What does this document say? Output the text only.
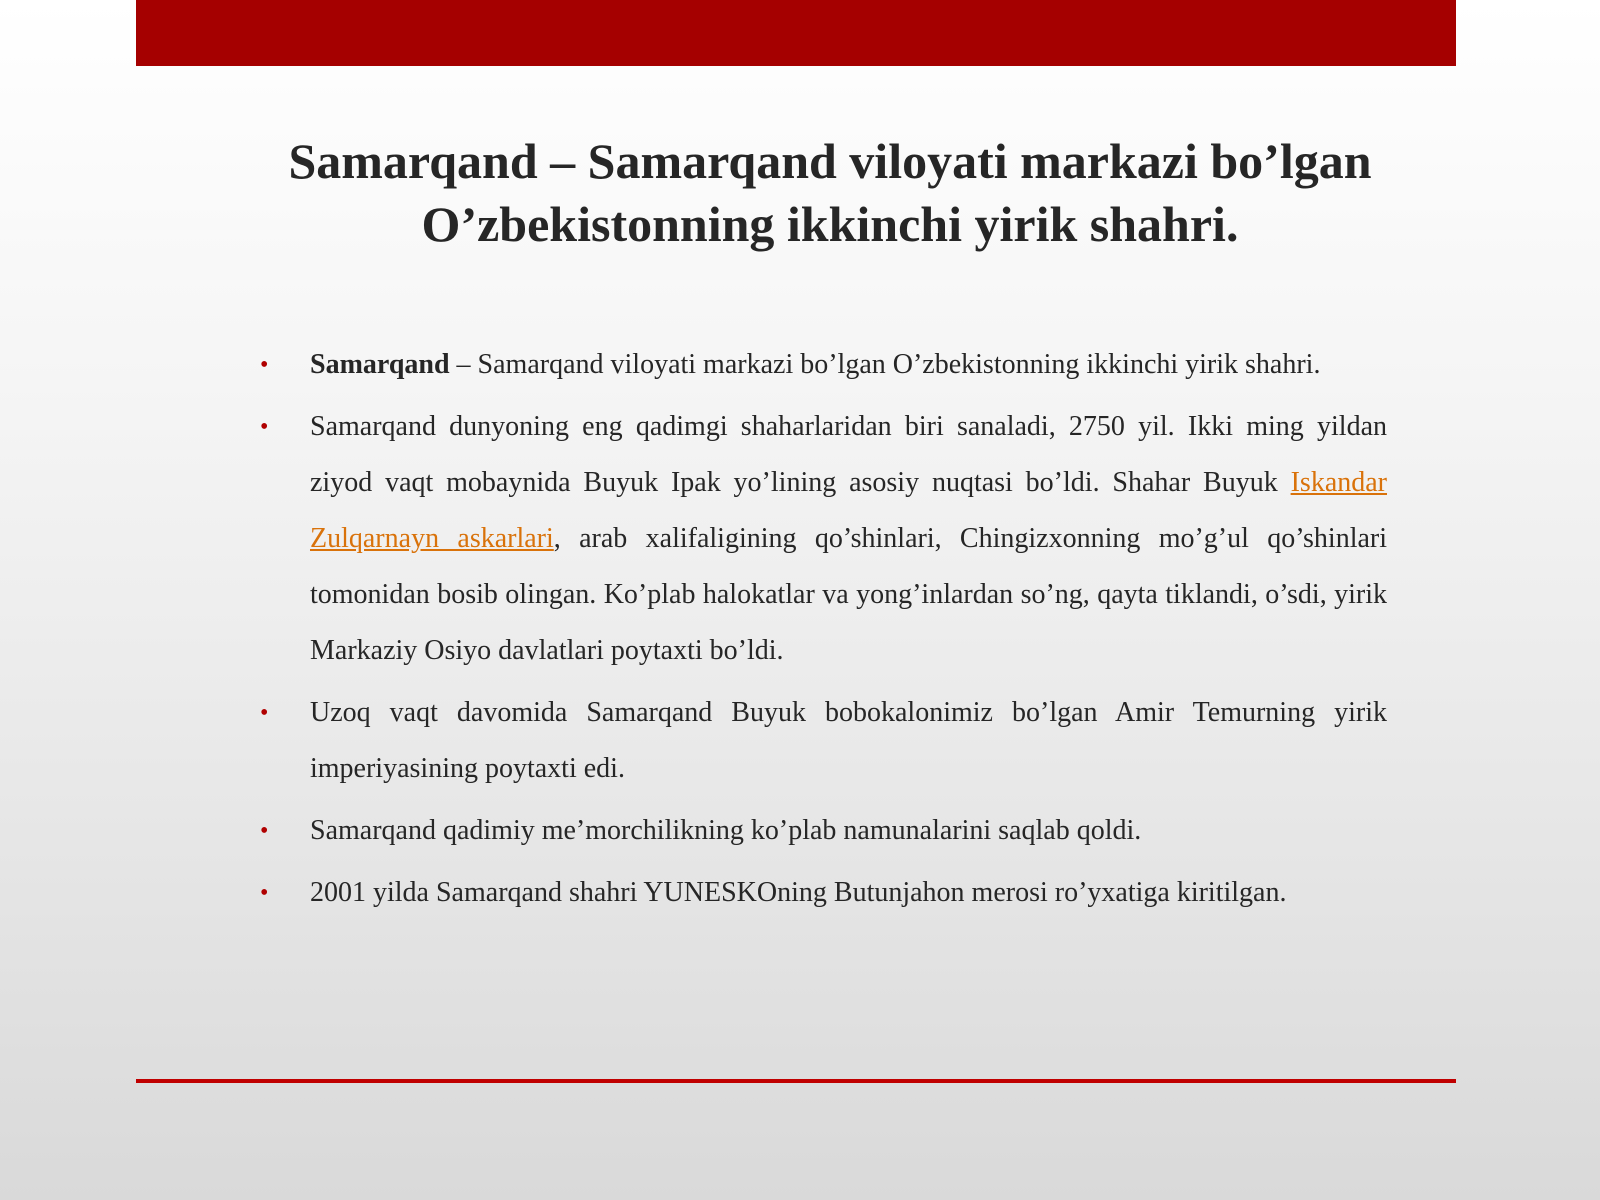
Samarqand – Samarqand viloyati markazi bo’lgan
O’zbekistonning ikkinchi yirik shahri.
• Samarqand – Samarqand viloyati markazi bo’lgan O’zbekistonning ikkinchi yirik shahri.
• Samarqand dunyoning eng qadimgi shaharlaridan biri sanaladi, 2750 yil. Ikki ming yildan ziyod vaqt mobaynida Buyuk Ipak yo’lining asosiy nuqtasi bo’ldi. Shahar Buyuk Iskandar Zulqarnayn askarlari, arab xalifaligining qo’shinlari, Chingizxonning mo’g’ul qo’shinlari tomonidan bosib olingan. Ko’plab halokatlar va yong’inlardan so’ng, qayta tiklandi, o’sdi, yirik Markaziy Osiyo davlatlari poytaxti bo’ldi.
• Uzoq vaqt davomida Samarqand Buyuk bobokalonimiz bo’lgan Amir Temurning yirik imperiyasining poytaxti edi.
• Samarqand qadimiy me’morchilikning ko’plab namunalarini saqlab qoldi.
• 2001 yilda Samarqand shahri YUNESKOning Butunjahon merosi ro’yxatiga kiritilgan.
